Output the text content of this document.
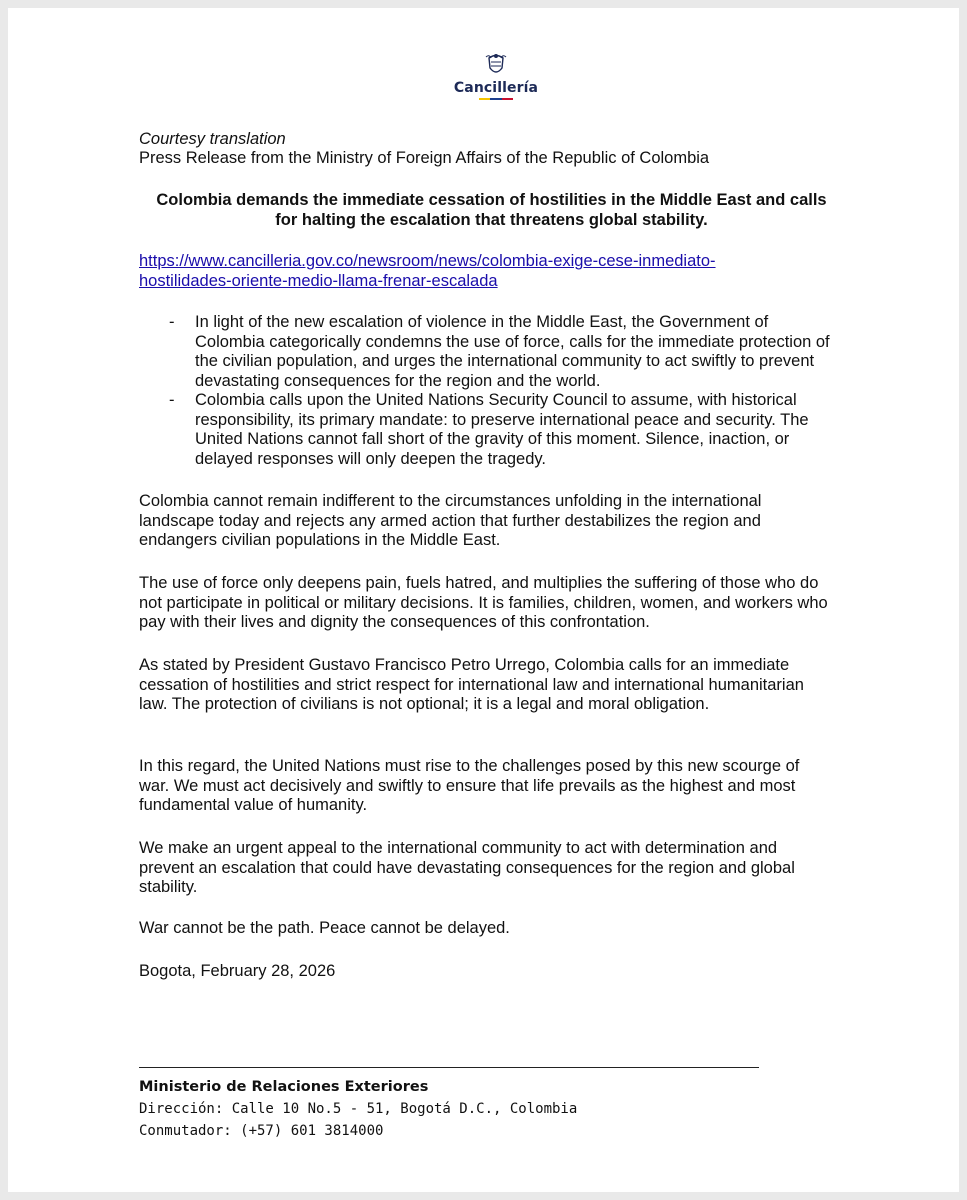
Cancillería
Courtesy translation
Press Release from the Ministry of Foreign Affairs of the Republic of Colombia
Colombia demands the immediate cessation of hostilities in the Middle East and calls for halting the escalation that threatens global stability.
https://www.cancilleria.gov.co/newsroom/news/colombia-exige-cese-inmediato-
hostilidades-oriente-medio-llama-frenar-escalada
- In light of the new escalation of violence in the Middle East, the Government of Colombia categorically condemns the use of force, calls for the immediate protection of the civilian population, and urges the international community to act swiftly to prevent devastating consequences for the region and the world.
- Colombia calls upon the United Nations Security Council to assume, with historical responsibility, its primary mandate: to preserve international peace and security. The United Nations cannot fall short of the gravity of this moment. Silence, inaction, or delayed responses will only deepen the tragedy.

Colombia cannot remain indifferent to the circumstances unfolding in the international landscape today and rejects any armed action that further destabilizes the region and endangers civilian populations in the Middle East.

The use of force only deepens pain, fuels hatred, and multiplies the suffering of those who do not participate in political or military decisions. It is families, children, women, and workers who pay with their lives and dignity the consequences of this confrontation.

As stated by President Gustavo Francisco Petro Urrego, Colombia calls for an immediate cessation of hostilities and strict respect for international law and international humanitarian law. The protection of civilians is not optional; it is a legal and moral obligation.

In this regard, the United Nations must rise to the challenges posed by this new scourge of war. We must act decisively and swiftly to ensure that life prevails as the highest and most fundamental value of humanity.

We make an urgent appeal to the international community to act with determination and prevent an escalation that could have devastating consequences for the region and global stability.

War cannot be the path. Peace cannot be delayed.

Bogota, February 28, 2026

Ministerio de Relaciones Exteriores
Dirección: Calle 10 No.5 - 51, Bogotá D.C., Colombia
Conmutador: (+57) 601 3814000
